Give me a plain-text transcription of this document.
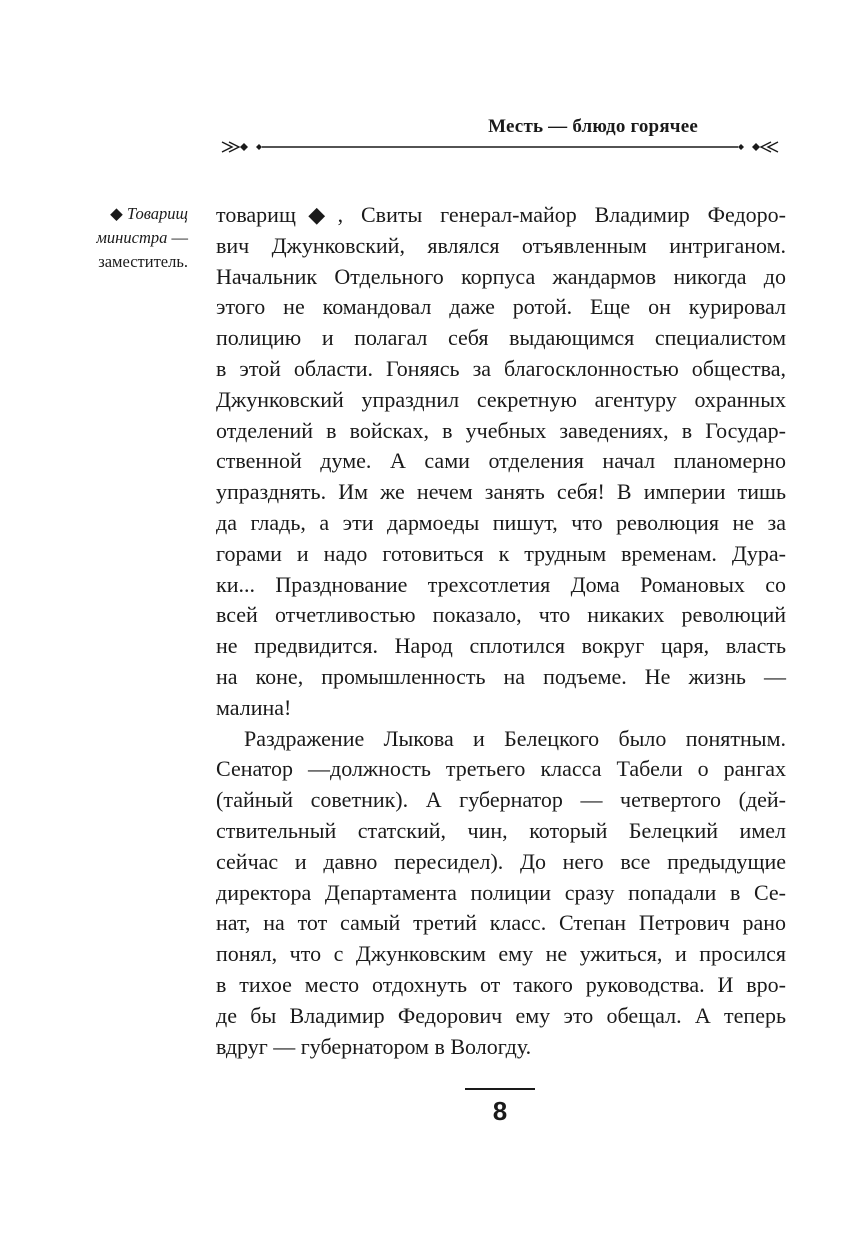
Месть — блюдо горячее
◆ Товарищ
министра —
заместитель.
товарищ◆, Свиты генерал-майор Владимир Федоро-
вич Джунковский, являлся отъявленным интриганом.
Начальник Отдельного корпуса жандармов никогда до
этого не командовал даже ротой. Еще он курировал
полицию и полагал себя выдающимся специалистом
в этой области. Гоняясь за благосклонностью общества,
Джунковский упразднил секретную агентуру охранных
отделений в войсках, в учебных заведениях, в Государ-
ственной думе. А сами отделения начал планомерно
упразднять. Им же нечем занять себя! В империи тишь
да гладь, а эти дармоеды пишут, что революция не за
горами и надо готовиться к трудным временам. Дура-
ки... Празднование трехсотлетия Дома Романовых со
всей отчетливостью показало, что никаких революций
не предвидится. Народ сплотился вокруг царя, власть
на коне, промышленность на подъеме. Не жизнь —
малина!
Раздражение Лыкова и Белецкого было понятным.
Сенатор —должность третьего класса Табели о рангах
(тайный советник). А губернатор — четвертого (дей-
ствительный статский, чин, который Белецкий имел
сейчас и давно пересидел). До него все предыдущие
директора Департамента полиции сразу попадали в Се-
нат, на тот самый третий класс. Степан Петрович рано
понял, что с Джунковским ему не ужиться, и просился
в тихое место отдохнуть от такого руководства. И вро-
де бы Владимир Федорович ему это обещал. А теперь
вдруг — губернатором в Вологду.
8
